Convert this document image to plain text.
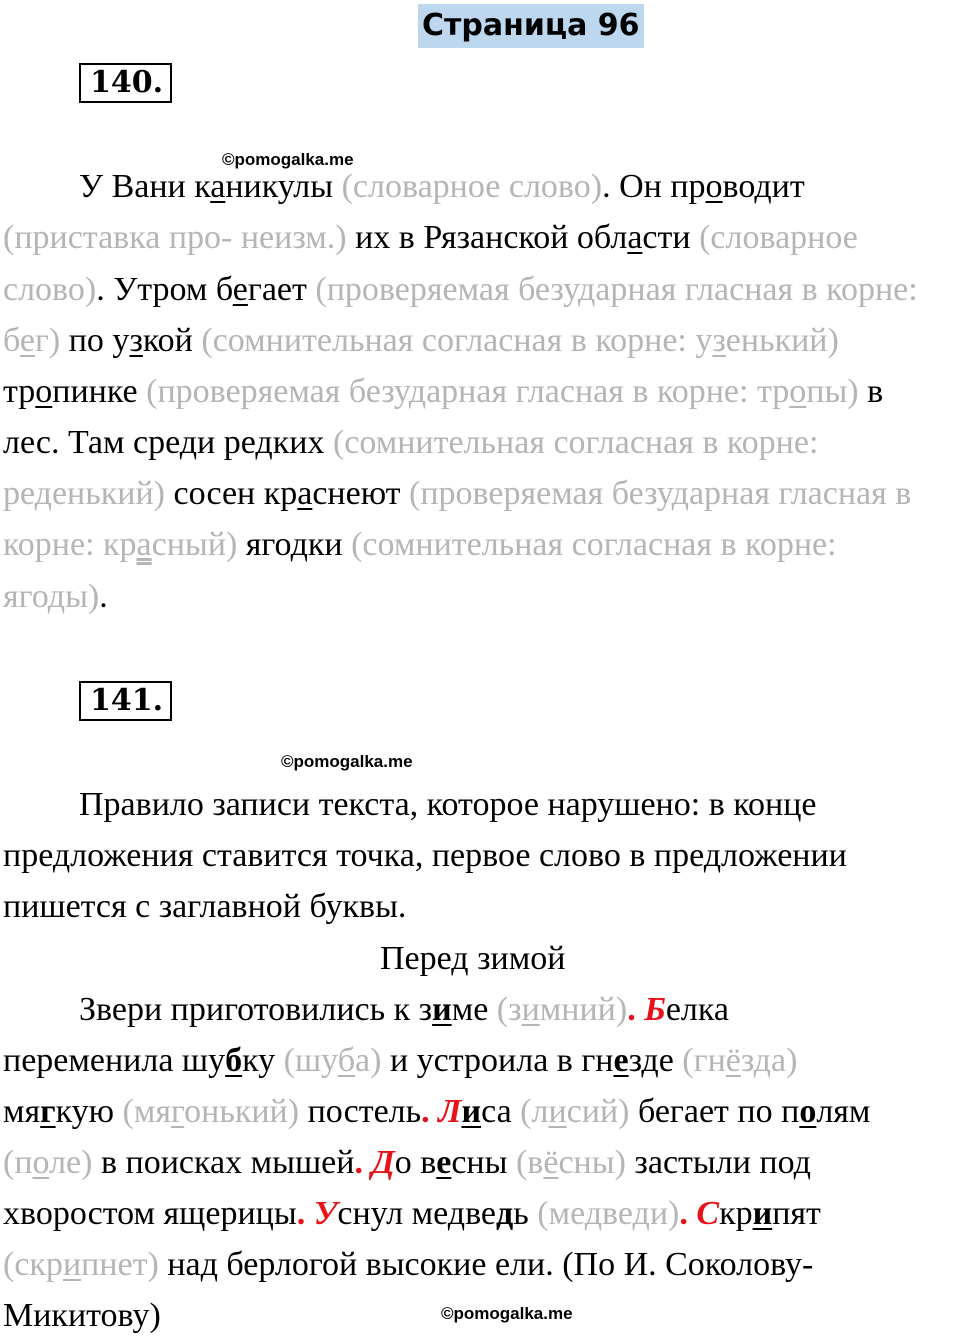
Страница 96
140.
©pomogalka.me
У Вани каникулы (словарное слово). Он проводит
(приставка про- неизм.) их в Рязанской области (словарное
слово). Утром бегает (проверяемая безударная гласная в корне:
бег) по узкой (сомнительная согласная в корне: узенький)
тропинке (проверяемая безударная гласная в корне: тропы) в
лес. Там среди редких (сомнительная согласная в корне:
реденький) сосен краснеют (проверяемая безударная гласная в
корне: красный) ягодки (сомнительная согласная в корне:
ягоды).
141.
©pomogalka.me
Правило записи текста, которое нарушено: в конце
предложения ставится точка, первое слово в предложении
пишется с заглавной буквы.
Перед зимой
Звери приготовились к зиме (зимний). Белка
переменила шубку (шуба) и устроила в гнезде (гнёзда)
мягкую (мягонький) постель. Лиса (лисий) бегает по полям
(поле) в поисках мышей. До весны (вёсны) застыли под
хворостом ящерицы. Уснул медведь (медведи). Скрипят
(скрипнет) над берлогой высокие ели. (По И. Соколову-
Микитову)	©pomogalka.me
